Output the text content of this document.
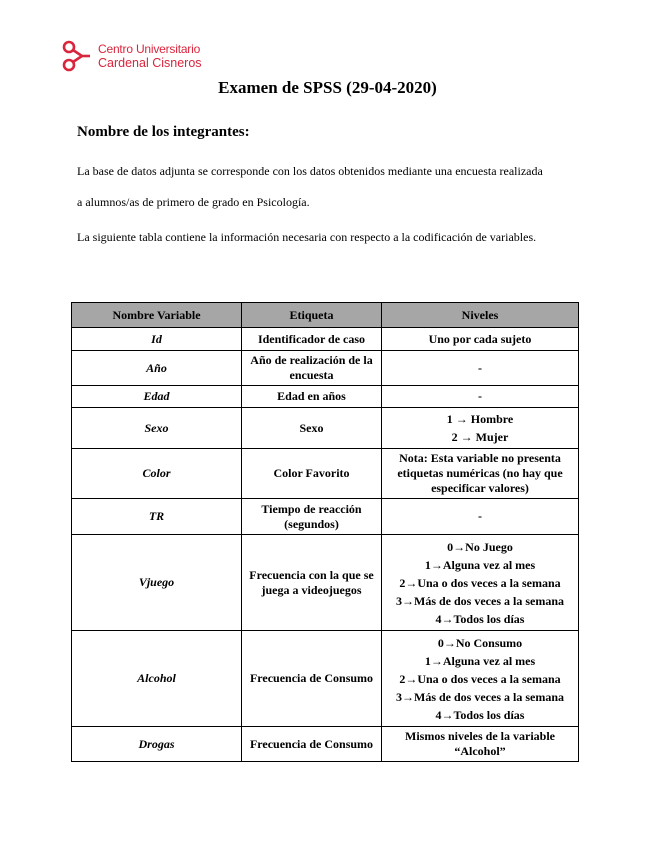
Centro Universitario
Cardenal Cisneros
Examen de SPSS (29-04-2020)
Nombre de los integrantes:
La base de datos adjunta se corresponde con los datos obtenidos mediante una encuesta realizada
a alumnos/as de primero de grado en Psicología.
La siguiente tabla contiene la información necesaria con respecto a la codificación de variables.
Nombre Variable	Etiqueta	Niveles
Id	Identificador de caso	Uno por cada sujeto
Año	Año de realización de la encuesta	-
Edad	Edad en años	-
Sexo	Sexo	1 → Hombre
2 → Mujer

Color	Color Favorito	Nota: Esta variable no presenta etiquetas numéricas (no hay que especificar valores)
TR	Tiempo de reacción (segundos)	-
Vjuego	Frecuencia con la que se juega a videojuegos	0→No Juego
1→Alguna vez al mes
2→Una o dos veces a la semana
3→Más de dos veces a la semana
4→Todos los días

Alcohol	Frecuencia de Consumo	0→No Consumo
1→Alguna vez al mes
2→Una o dos veces a la semana
3→Más de dos veces a la semana
4→Todos los días

Drogas	Frecuencia de Consumo	Mismos niveles de la variable “Alcohol”
